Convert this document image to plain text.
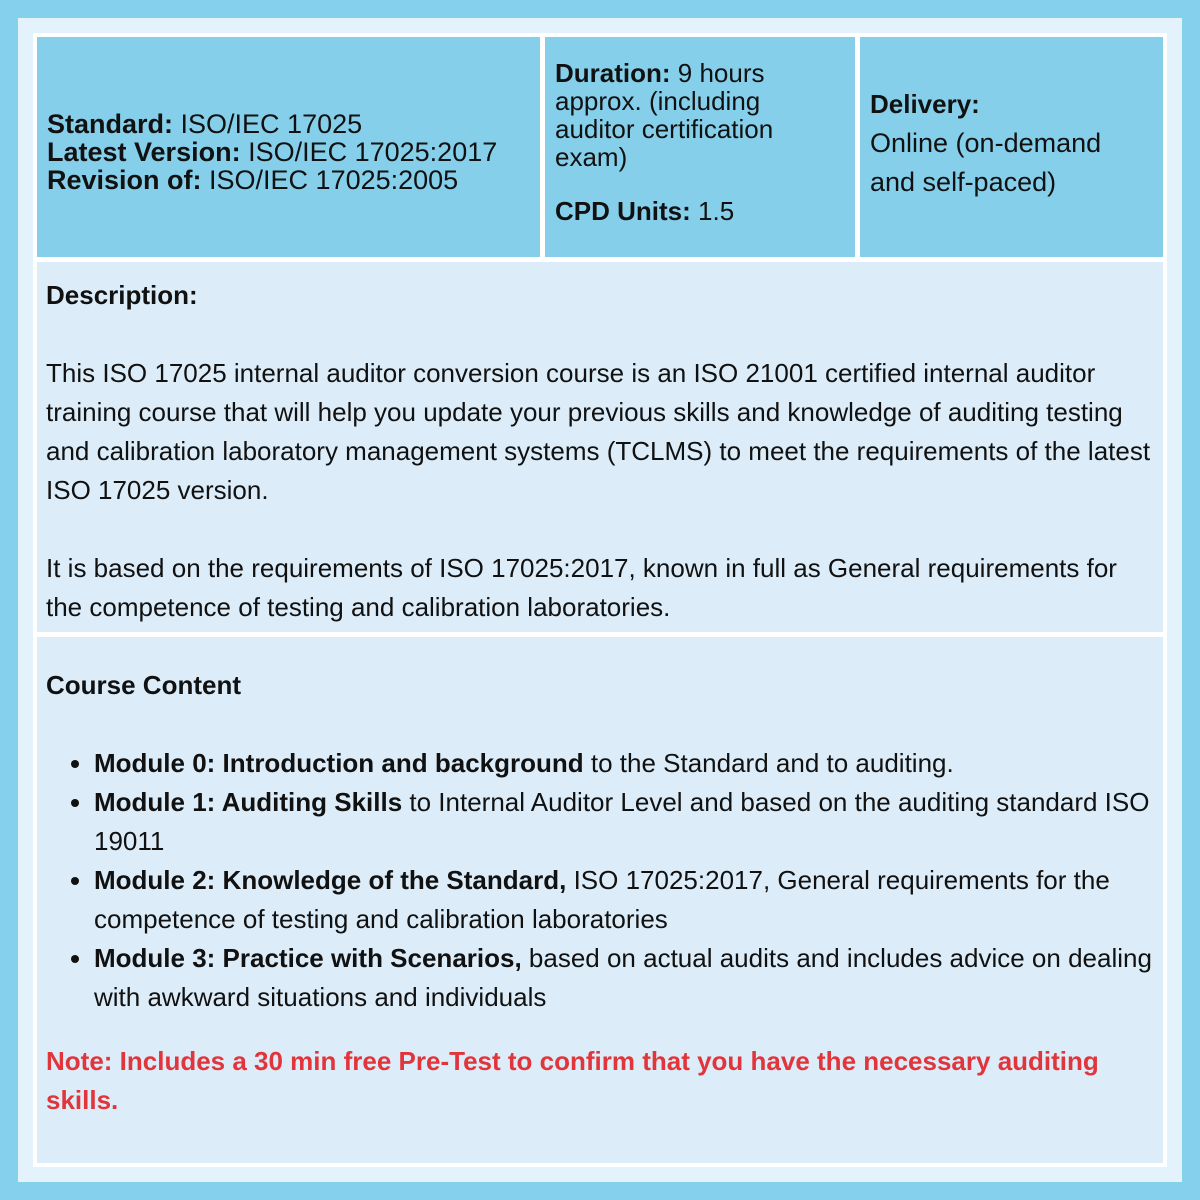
Standard: ISO/IEC 17025
Latest Version: ISO/IEC 17025:2017
Revision of: ISO/IEC 17025:2005
Duration: 9 hours approx. (including auditor certification exam)
CPD Units: 1.5
Delivery:
Online (on-demand and self-paced)
Description:

This ISO 17025 internal auditor conversion course is an ISO 21001 certified internal auditor training course that will help you update your previous skills and knowledge of auditing testing and calibration laboratory management systems (TCLMS) to meet the requirements of the latest ISO 17025 version.

It is based on the requirements of ISO 17025:2017, known in full as General requirements for the competence of testing and calibration laboratories.

Course Content
• Module 0: Introduction and background to the Standard and to auditing.
• Module 1: Auditing Skills to Internal Auditor Level and based on the auditing standard ISO 19011
• Module 2: Knowledge of the Standard, ISO 17025:2017, General requirements for the competence of testing and calibration laboratories
• Module 3: Practice with Scenarios, based on actual audits and includes advice on dealing with awkward situations and individuals
Note: Includes a 30 min free Pre-Test to confirm that you have the necessary auditing skills.
